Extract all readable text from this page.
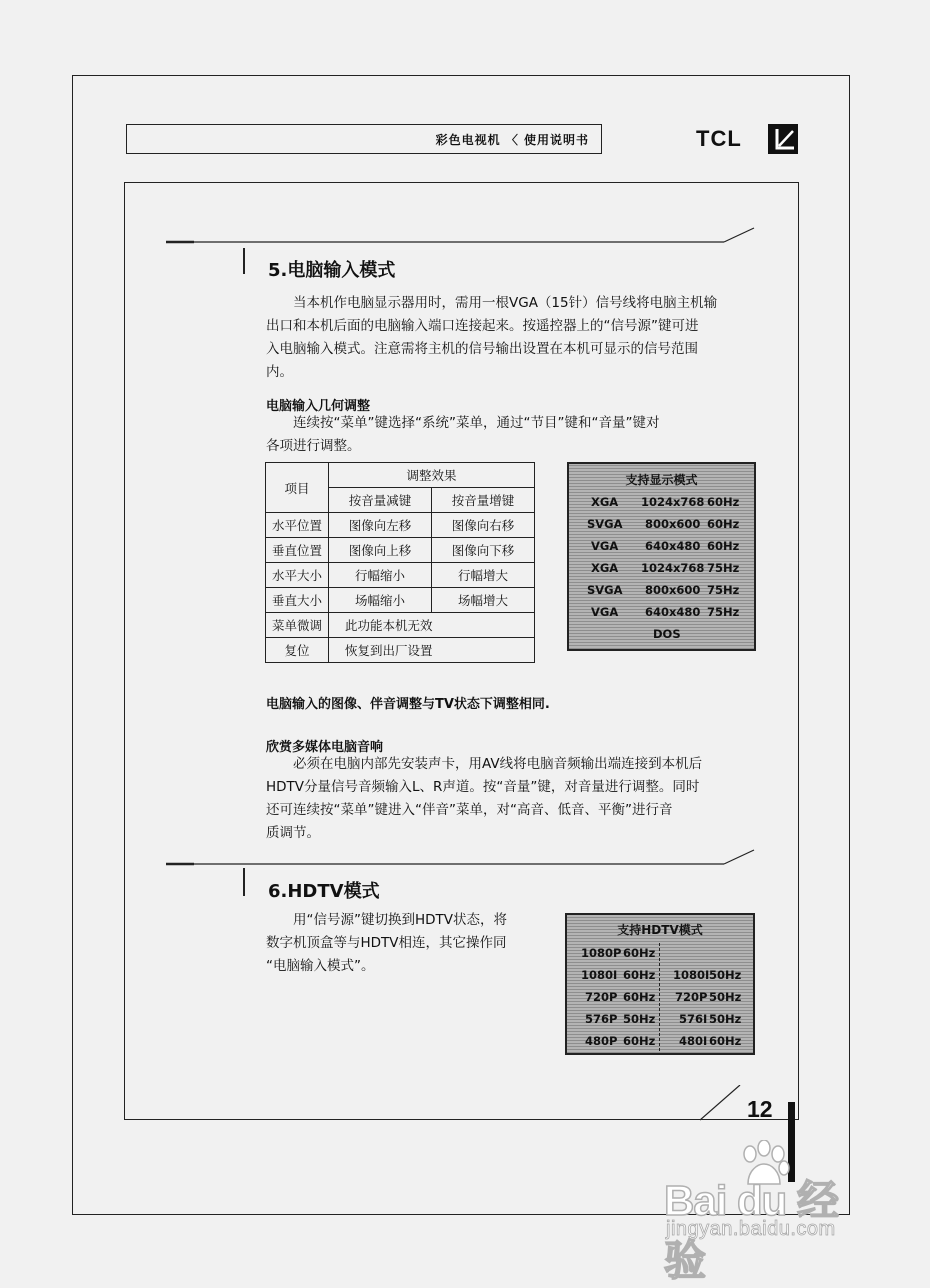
彩色电视机 〈 使用说明书	TCL
5.电脑输入模式
　　当本机作电脑显示器用时，需用一根VGA（15针）信号线将电脑主机输
出口和本机后面的电脑输入端口连接起来。按遥控器上的“信号源”键可进
入电脑输入模式。注意需将主机的信号输出设置在本机可显示的信号范围
内。
电脑输入几何调整
　　连续按“菜单”键选择“系统”菜单，通过“节目”键和“音量”键对
各项进行调整。
项目	调整效果	
	按音量减键	按音量增键
水平位置	图像向左移	图像向右移
垂直位置	图像向上移	图像向下移
水平大小	行幅缩小	行幅增大
垂直大小	场幅缩小	场幅增大
菜单微调	此功能本机无效	
复位	恢复到出厂设置	
支持显示模式
XGA 1024x768 60Hz
SVGA 800x600 60Hz
VGA 640x480 60Hz
XGA 1024x768 75Hz
SVGA 800x600 75Hz
VGA 640x480 75Hz
DOS
电脑输入的图像、伴音调整与TV状态下调整相同.
欣赏多媒体电脑音响
　　必须在电脑内部先安装声卡，用AV线将电脑音频输出端连接到本机后
HDTV分量信号音频输入L、R声道。按“音量”键，对音量进行调整。同时
还可连续按“菜单”键进入“伴音”菜单，对“高音、低音、平衡”进行音
质调节。
6.HDTV模式
　　用“信号源”键切换到HDTV状态，将
数字机顶盒等与HDTV相连，其它操作同
“电脑输入模式”。
支持HDTV模式
1080P 60Hz
1080I 60Hz 1080I 50Hz
720P 60Hz 720P 50Hz
576P 50Hz 576I 50Hz
480P 60Hz 480I 60Hz
12
Bai du 经验
jingyan.baidu.com
